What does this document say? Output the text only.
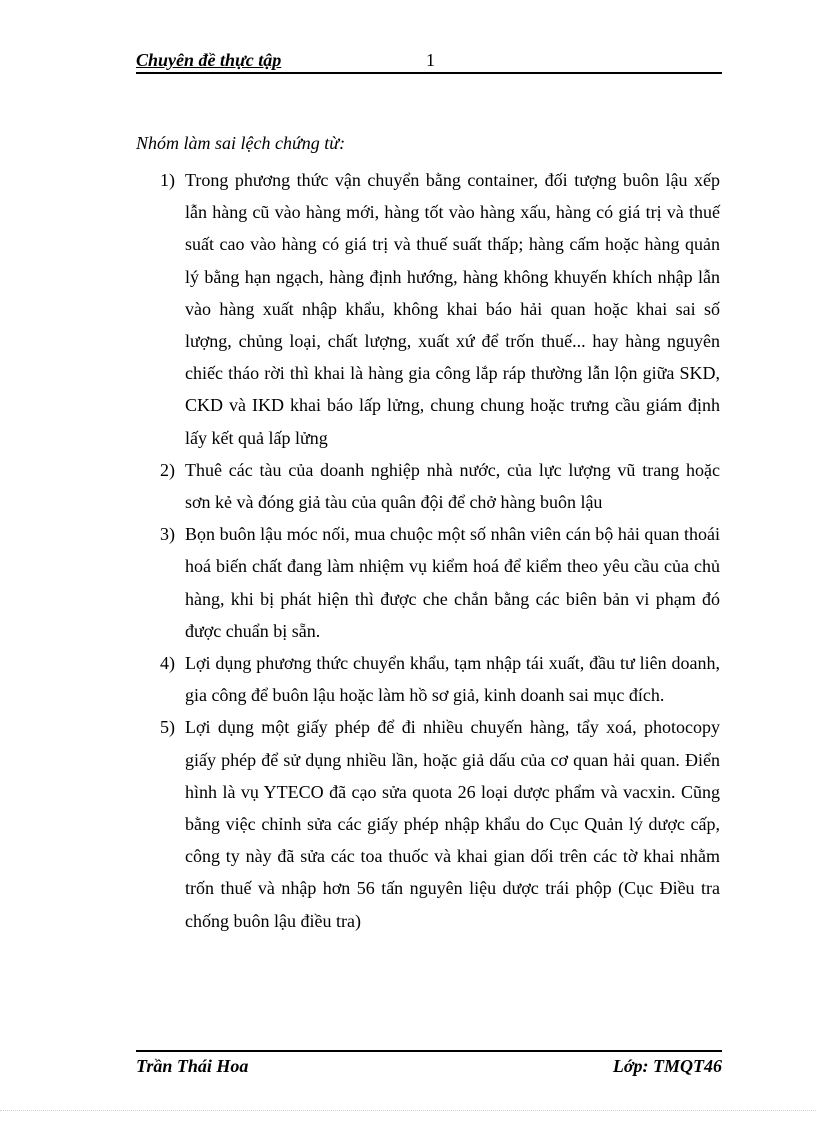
Chuyên đề thực tập	1
Nhóm làm sai lệch chứng từ:
1) Trong phương thức vận chuyển bằng container, đối tượng buôn lậu xếp lẫn hàng cũ vào hàng mới, hàng tốt vào hàng xấu, hàng có giá trị và thuế suất cao vào hàng có giá trị và thuế suất thấp; hàng cấm hoặc hàng quản lý bằng hạn ngạch, hàng định hướng, hàng không khuyến khích nhập lẫn vào hàng xuất nhập khẩu, không khai báo hải quan hoặc khai sai số lượng, chủng loại, chất lượng, xuất xứ để trốn thuế... hay hàng nguyên chiếc tháo rời thì khai là hàng gia công lắp ráp thường lẫn lộn giữa SKD, CKD và IKD khai báo lấp lửng, chung chung hoặc trưng cầu giám định lấy kết quả lấp lửng
2) Thuê các tàu của doanh nghiệp nhà nước, của lực lượng vũ trang hoặc sơn kẻ và đóng giả tàu của quân đội để chở hàng buôn lậu
3) Bọn buôn lậu móc nối, mua chuộc một số nhân viên cán bộ hải quan thoái hoá biến chất đang làm nhiệm vụ kiểm hoá để kiểm theo yêu cầu của chủ hàng, khi bị phát hiện thì được che chắn bằng các biên bản vi phạm đó được chuẩn bị sẵn.
4) Lợi dụng phương thức chuyển khẩu, tạm nhập tái xuất, đầu tư liên doanh, gia công để buôn lậu hoặc làm hồ sơ giả, kinh doanh sai mục đích.
5) Lợi dụng một giấy phép để đi nhiều chuyến hàng, tẩy xoá, photocopy giấy phép để sử dụng nhiều lần, hoặc giả dấu của cơ quan hải quan. Điển hình là vụ YTECO đã cạo sửa quota 26 loại dược phẩm và vacxin. Cũng bằng việc chỉnh sửa các giấy phép nhập khẩu do Cục Quản lý dược cấp, công ty này đã sửa các toa thuốc và khai gian dối trên các tờ khai nhằm trốn thuế và nhập hơn 56 tấn nguyên liệu dược trái phộp (Cục Điều tra chống buôn lậu điều tra)
Trần Thái Hoa	Lớp: TMQT46
